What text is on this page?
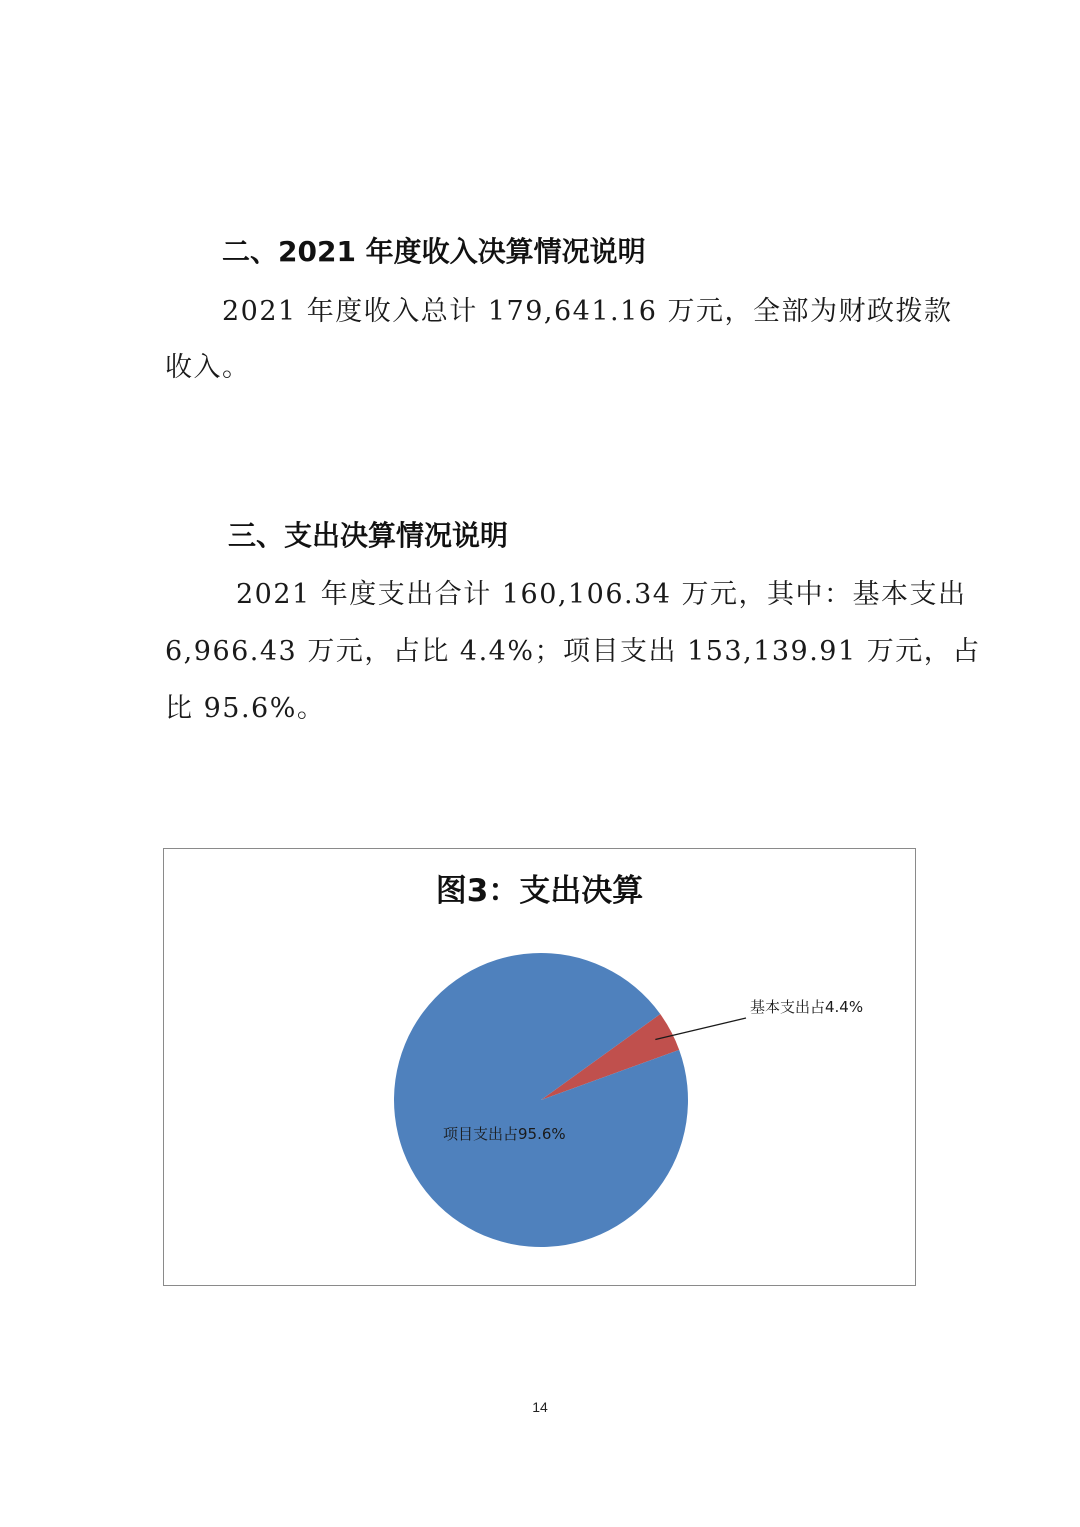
二、2021 年度收入决算情况说明
2021 年度收入总计 179,641.16 万元，全部为财政拨款
收入。
三、支出决算情况说明
2021 年度支出合计 160,106.34 万元，其中：基本支出
6,966.43 万元，占比 4.4%；项目支出 153,139.91 万元，占
比 95.6%。
图3：支出决算
基本支出占4.4%
项目支出占95.6%
14
